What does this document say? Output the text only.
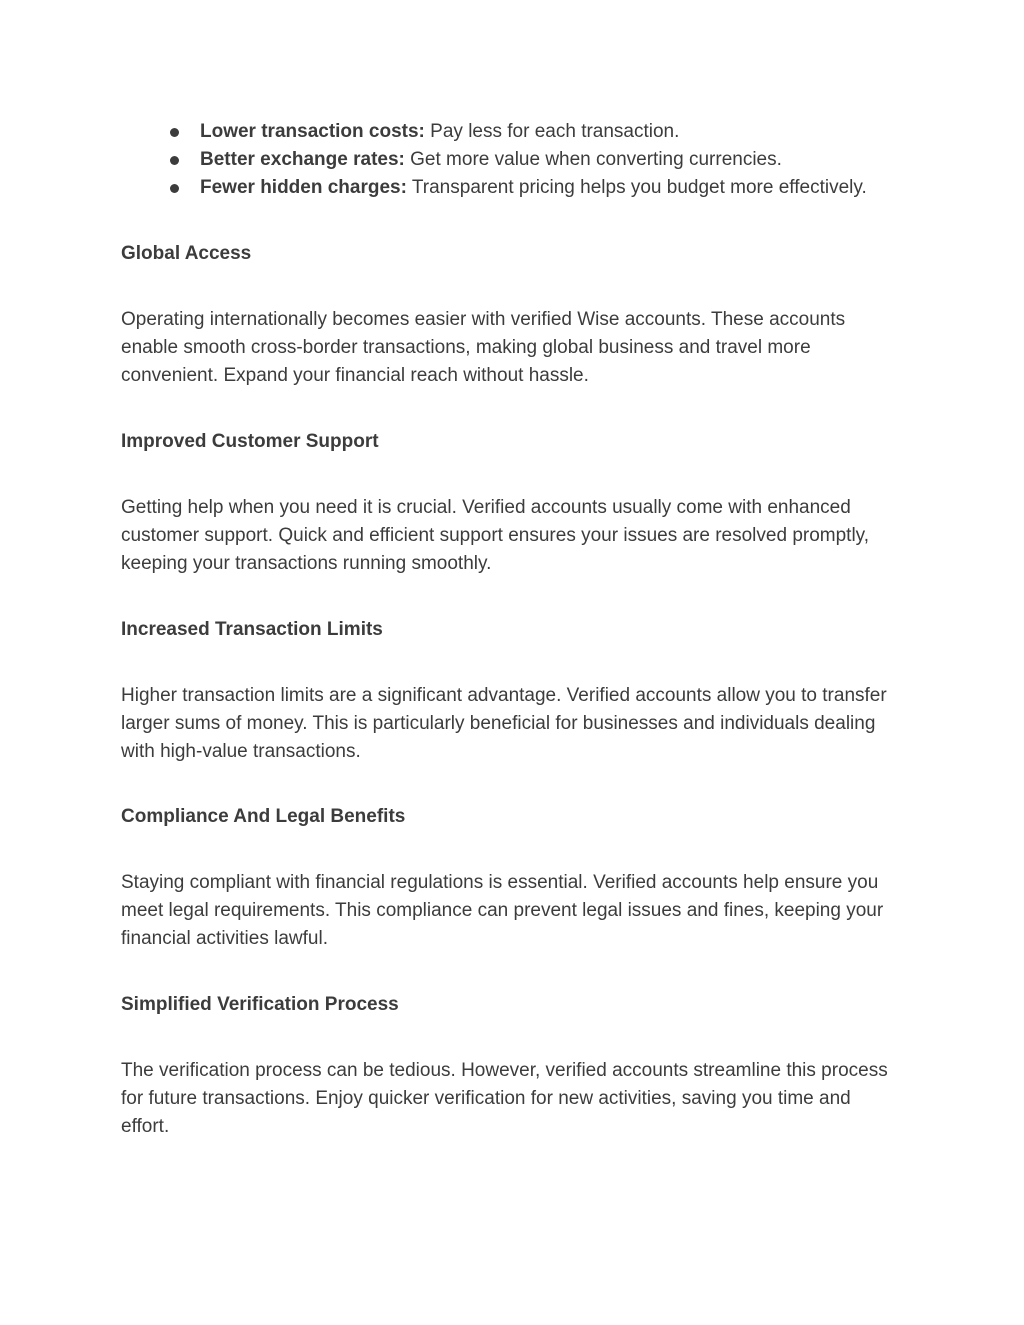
Lower transaction costs: Pay less for each transaction.
Better exchange rates: Get more value when converting currencies.
Fewer hidden charges: Transparent pricing helps you budget more effectively.
Global Access

Operating internationally becomes easier with verified Wise accounts. These accounts enable smooth cross-border transactions, making global business and travel more convenient. Expand your financial reach without hassle.

Improved Customer Support

Getting help when you need it is crucial. Verified accounts usually come with enhanced customer support. Quick and efficient support ensures your issues are resolved promptly, keeping your transactions running smoothly.

Increased Transaction Limits

Higher transaction limits are a significant advantage. Verified accounts allow you to transfer larger sums of money. This is particularly beneficial for businesses and individuals dealing with high-value transactions.

Compliance And Legal Benefits

Staying compliant with financial regulations is essential. Verified accounts help ensure you meet legal requirements. This compliance can prevent legal issues and fines, keeping your financial activities lawful.

Simplified Verification Process

The verification process can be tedious. However, verified accounts streamline this process for future transactions. Enjoy quicker verification for new activities, saving you time and effort.
